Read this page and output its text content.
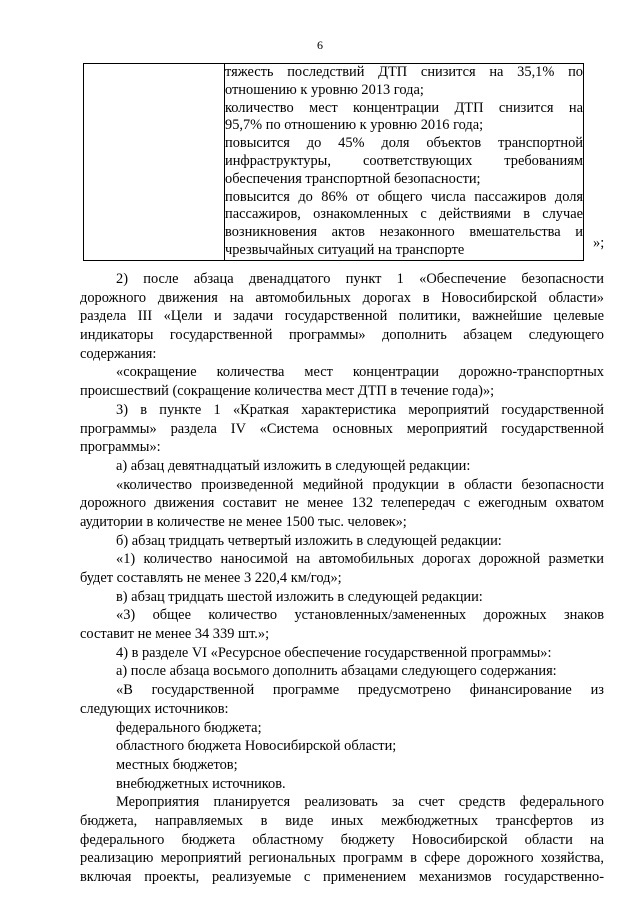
6

тяжесть последствий ДТП снизится на 35,1% по
отношению к уровню 2013 года;
количество мест концентрации ДТП снизится на
95,7% по отношению к уровню 2016 года;
повысится до 45% доля объектов транспортной
инфраструктуры, соответствующих требованиям
обеспечения транспортной безопасности;
повысится до 86% от общего числа пассажиров доля
пассажиров, ознакомленных с действиями в случае
возникновения актов незаконного вмешательства и
чрезвычайных ситуаций на транспорте	»;
2) после абзаца двенадцатого пункт 1 «Обеспечение безопасности
дорожного движения на автомобильных дорогах в Новосибирской области»
раздела III «Цели и задачи государственной политики, важнейшие целевые
индикаторы государственной программы» дополнить абзацем следующего
содержания:
«сокращение количества мест концентрации дорожно-транспортных
происшествий (сокращение количества мест ДТП в течение года)»;
3) в пункте 1 «Краткая характеристика мероприятий государственной
программы» раздела IV «Система основных мероприятий государственной
программы»:
а) абзац девятнадцатый изложить в следующей редакции:
«количество произведенной медийной продукции в области безопасности
дорожного движения составит не менее 132 телепередач с ежегодным охватом
аудитории в количестве не менее 1500 тыс. человек»;
б) абзац тридцать четвертый изложить в следующей редакции:
«1) количество наносимой на автомобильных дорогах дорожной разметки
будет составлять не менее 3 220,4 км/год»;
в) абзац тридцать шестой изложить в следующей редакции:
«3) общее количество установленных/замененных дорожных знаков
составит не менее 34 339 шт.»;
4) в разделе VI «Ресурсное обеспечение государственной программы»:
а) после абзаца восьмого дополнить абзацами следующего содержания:
«В государственной программе предусмотрено финансирование из
следующих источников:
федерального бюджета;
областного бюджета Новосибирской области;
местных бюджетов;
внебюджетных источников.
Мероприятия планируется реализовать за счет средств федерального
бюджета, направляемых в виде иных межбюджетных трансфертов из
федерального бюджета областному бюджету Новосибирской области на
реализацию мероприятий региональных программ в сфере дорожного хозяйства,
включая проекты, реализуемые с применением механизмов государственно-
